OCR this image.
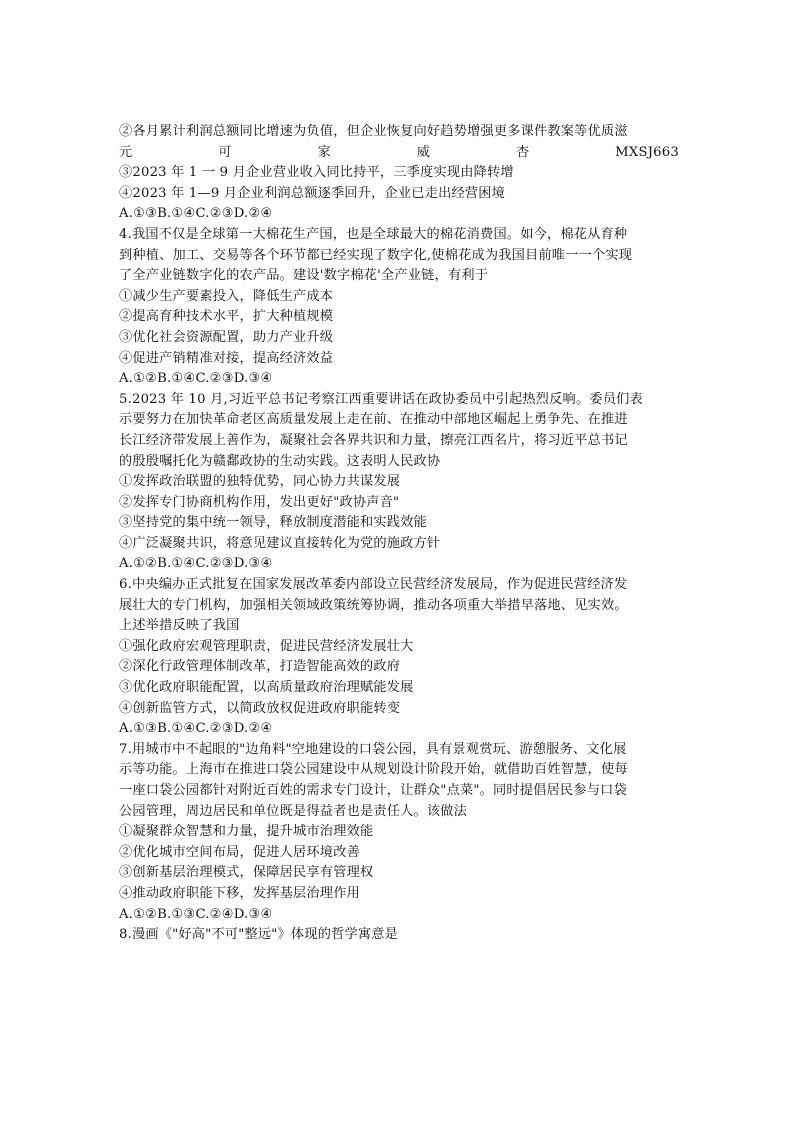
②各月累计利润总额同比增速为负值，但企业恢复向好趋势增强更多课件教案等优质滋
元	可	家	威	杏	MXSJ663
③2023 年 1 一 9 月企业营业收入同比持平，三季度实现由降转增
④2023 年 1—9 月企业利润总额逐季回升，企业已走出经营困境
A.①③B.①④C.②③D.②④
4.我国不仅是全球第一大棉花生产国，也是全球最大的棉花消费国。如今，棉花从育种
到种植、加工、交易等各个环节都已经实现了数字化,使棉花成为我国目前唯一一个实现
了全产业链数字化的农产品。建设'数字棉花'全产业链，有利于
①减少生产要素投入，降低生产成本
②提高育种技术水平，扩大种植规模
③优化社会资源配置，助力产业升级
④促进产销精准对接，提高经济效益
A.①②B.①④C.②③D.③④
5.2023 年 10 月,习近平总书记考察江西重要讲话在政协委员中引起热烈反响。委员们表
示要努力在加快革命老区高质量发展上走在前、在推动中部地区崛起上勇争先、在推进
长江经济带发展上善作为，凝聚社会各界共识和力量，擦亮江西名片，将习近平总书记
的殷殷嘱托化为赣鄱政协的生动实践。这表明人民政协
①发挥政治联盟的独特优势，同心协力共谋发展
②发挥专门协商机构作用，发出更好"政协声音"
③坚持党的集中统一领导，释放制度潜能和实践效能
④广泛凝聚共识，将意见建议直接转化为党的施政方针
A.①②B.①④C.②③D.③④
6.中央编办正式批复在国家发展改革委内部设立民营经济发展局，作为促进民营经济发
展壮大的专门机构，加强相关领域政策统筹协调，推动各项重大举措早落地、见实效。
上述举措反映了我国
①强化政府宏观管理职责，促进民营经济发展壮大
②深化行政管理体制改革，打造智能高效的政府
③优化政府职能配置，以高质量政府治理赋能发展
④创新监管方式，以简政放权促进政府职能转变
A.①③B.①④C.②③D.②④
7.用城市中不起眼的"边角料"空地建设的口袋公园，具有景观赏玩、游憩服务、文化展
示等功能。上海市在推进口袋公园建设中从规划设计阶段开始，就借助百姓智慧，使每
一座口袋公园都针对附近百姓的需求专门设计，让群众"点菜"。同时提倡居民参与口袋
公园管理，周边居民和单位既是得益者也是责任人。该做法
①凝聚群众智慧和力量，提升城市治理效能
②优化城市空间布局，促进人居环境改善
③创新基层治理模式，保障居民享有管理权
④推动政府职能下移，发挥基层治理作用
A.①②B.①③C.②④D.③④
8.漫画《"好高"不可"整远"》体现的哲学寓意是
